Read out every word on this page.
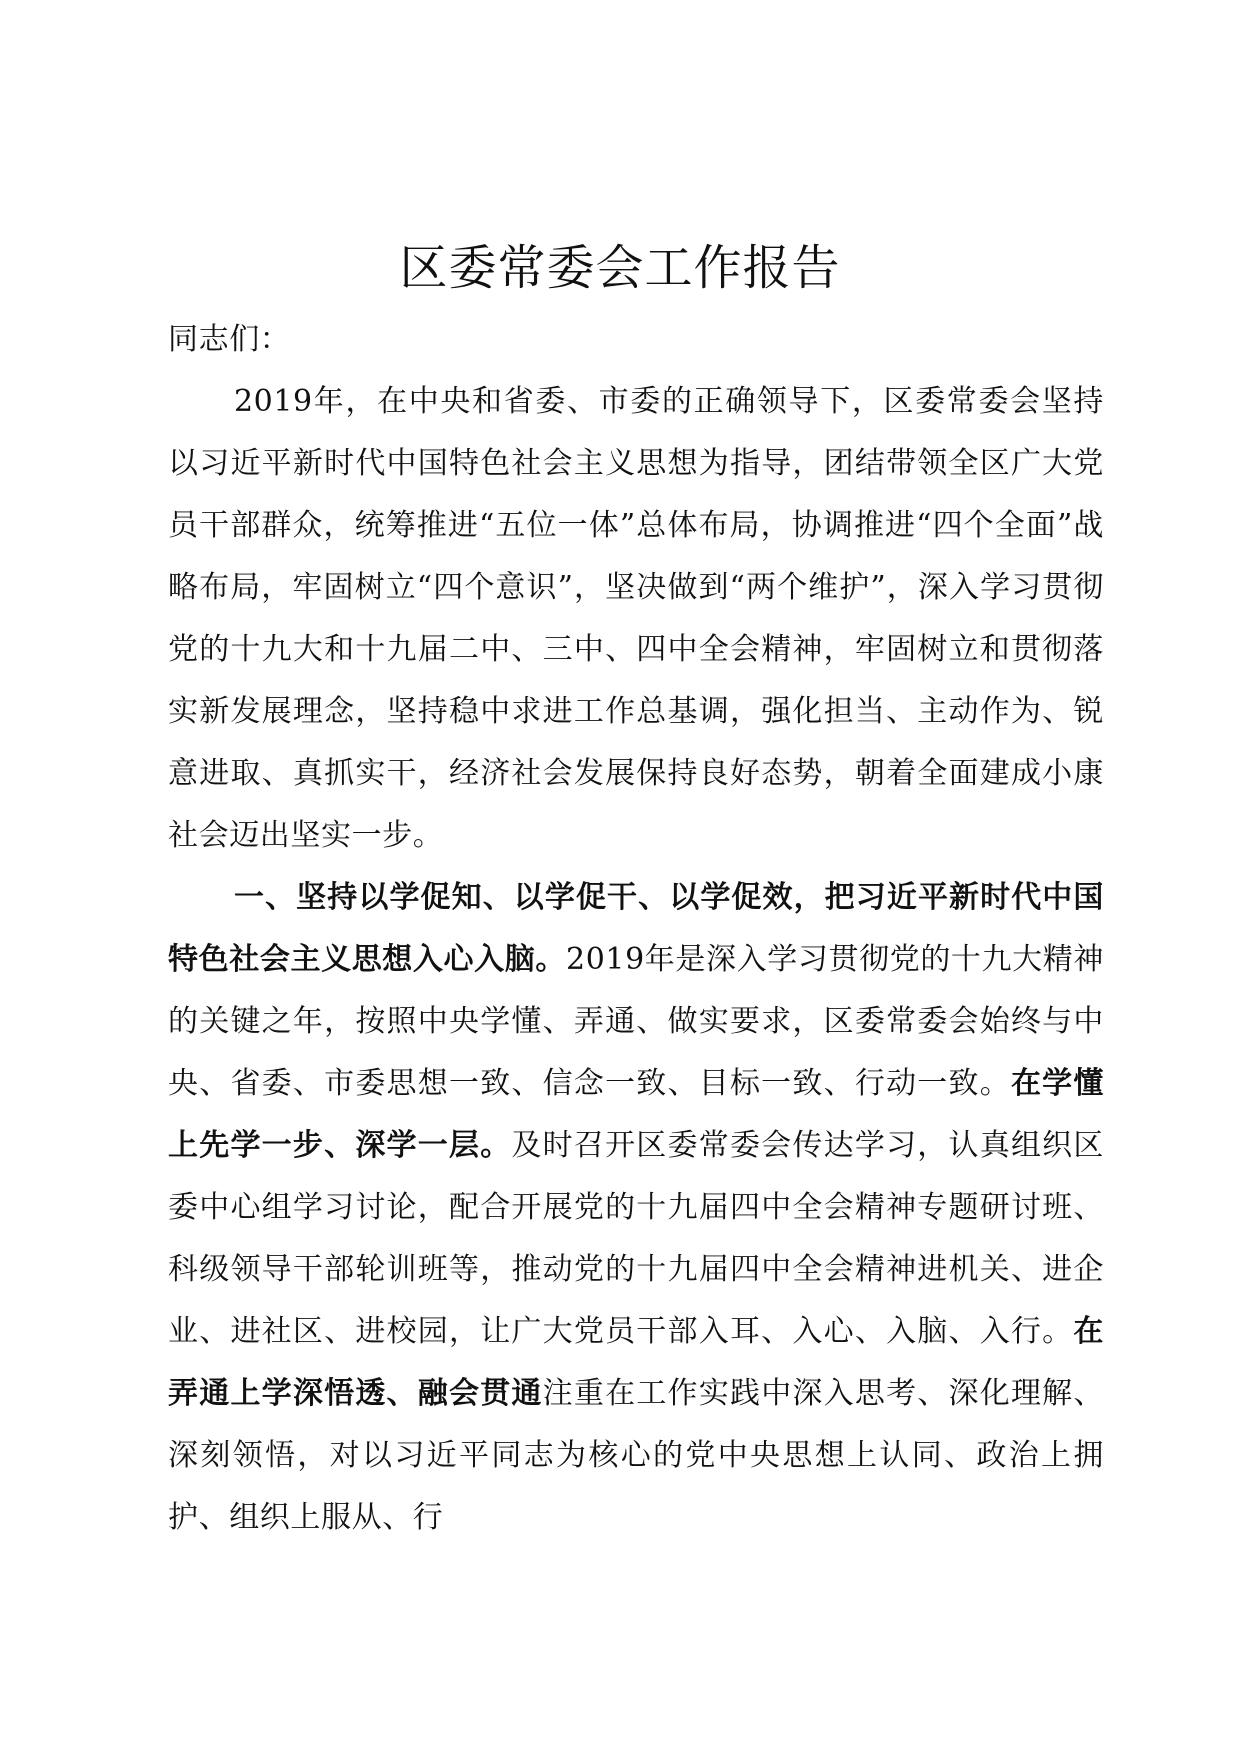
区委常委会工作报告

同志们：

2019年，在中央和省委、市委的正确领导下，区委常委会坚持以习近平新时代中国特色社会主义思想为指导，团结带领全区广大党员干部群众，统筹推进“五位一体”总体布局，协调推进“四个全面”战略布局，牢固树立“四个意识”，坚决做到“两个维护”，深入学习贯彻党的十九大和十九届二中、三中、四中全会精神，牢固树立和贯彻落实新发展理念，坚持稳中求进工作总基调，强化担当、主动作为、锐意进取、真抓实干，经济社会发展保持良好态势，朝着全面建成小康社会迈出坚实一步。

一、坚持以学促知、以学促干、以学促效，把习近平新时代中国特色社会主义思想入心入脑。2019年是深入学习贯彻党的十九大精神的关键之年，按照中央学懂、弄通、做实要求，区委常委会始终与中央、省委、市委思想一致、信念一致、目标一致、行动一致。在学懂上先学一步、深学一层。及时召开区委常委会传达学习，认真组织区委中心组学习讨论，配合开展党的十九届四中全会精神专题研讨班、科级领导干部轮训班等，推动党的十九届四中全会精神进机关、进企业、进社区、进校园，让广大党员干部入耳、入心、入脑、入行。在弄通上学深悟透、融会贯通注重在工作实践中深入思考、深化理解、深刻领悟，对以习近平同志为核心的党中央思想上认同、政治上拥护、组织上服从、行
